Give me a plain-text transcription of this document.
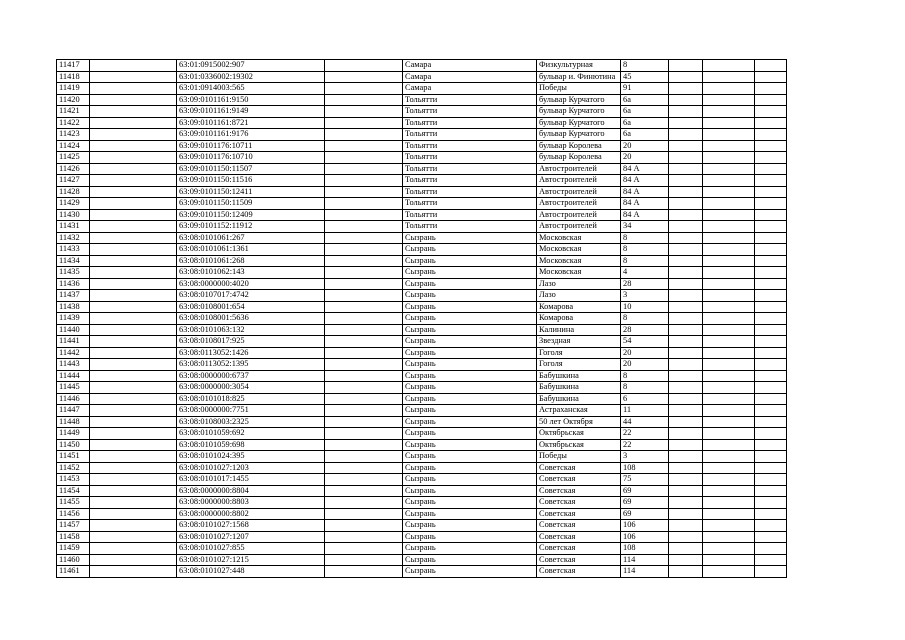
11417		63:01:0915002:907		Самара	Физкультурная	8			
11418		63:01:0336002:19302		Самара	бульвар и. Финютина	45			
11419		63:01:0914003:565		Самара	Победы	91			
11420		63:09:0101161:9150		Тольятти	бульвар Курчатого	6а			
11421		63:09:0101161:9149		Тольятти	бульвар Курчатого	6а			
11422		63:09:0101161:8721		Тольятти	бульвар Курчатого	6а			
11423		63:09:0101161:9176		Тольятти	бульвар Курчатого	6а			
11424		63:09:0101176:10711		Тольятти	бульвар Королева	20			
11425		63:09:0101176:10710		Тольятти	бульвар Королева	20			
11426		63:09:0101150:11507		Тольятти	Автостроителей	84 А			
11427		63:09:0101150:11516		Тольятти	Автостроителей	84 А			
11428		63:09:0101150:12411		Тольятти	Автостроителей	84 А			
11429		63:09:0101150:11509		Тольятти	Автостроителей	84 А			
11430		63:09:0101150:12409		Тольятти	Автостроителей	84 А			
11431		63:09:0101152:11912		Тольятти	Автостроителей	34			
11432		63:08:0101061:267		Сызрань	Московская	8			
11433		63:08:0101061:1361		Сызрань	Московская	8			
11434		63:08:0101061:268		Сызрань	Московская	8			
11435		63:08:0101062:143		Сызрань	Московская	4			
11436		63:08:0000000:4020		Сызрань	Лазо	28			
11437		63:08:0107017:4742		Сызрань	Лазо	3			
11438		63:08:0108001:654		Сызрань	Комарова	10			
11439		63:08:0108001:5636		Сызрань	Комарова	8			
11440		63:08:0101063:132		Сызрань	Калинина	28			
11441		63:08:0108017:925		Сызрань	Звездная	54			
11442		63:08:0113052:1426		Сызрань	Гоголя	20			
11443		63:08:0113052:1395		Сызрань	Гоголя	20			
11444		63:08:0000000:6737		Сызрань	Бабушкина	8			
11445		63:08:0000000:3054		Сызрань	Бабушкина	8			
11446		63:08:0101018:825		Сызрань	Бабушкина	6			
11447		63:08:0000000:7751		Сызрань	Астраханская	11			
11448		63:08:0108003:2325		Сызрань	50 лет Октября	44			
11449		63:08:0101059:692		Сызрань	Октябрьская	22			
11450		63:08:0101059:698		Сызрань	Октябрьская	22			
11451		63:08:0101024:395		Сызрань	Победы	3			
11452		63:08:0101027:1203		Сызрань	Советская	108			
11453		63:08:0101017:1455		Сызрань	Советская	75			
11454		63:08:0000000:8804		Сызрань	Советская	69			
11455		63:08:0000000:8803		Сызрань	Советская	69			
11456		63:08:0000000:8802		Сызрань	Советская	69			
11457		63:08:0101027:1568		Сызрань	Советская	106			
11458		63:08:0101027:1207		Сызрань	Советская	106			
11459		63:08:0101027:855		Сызрань	Советская	108			
11460		63:08:0101027:1215		Сызрань	Советская	114			
11461		63:08:0101027:448		Сызрань	Советская	114			
